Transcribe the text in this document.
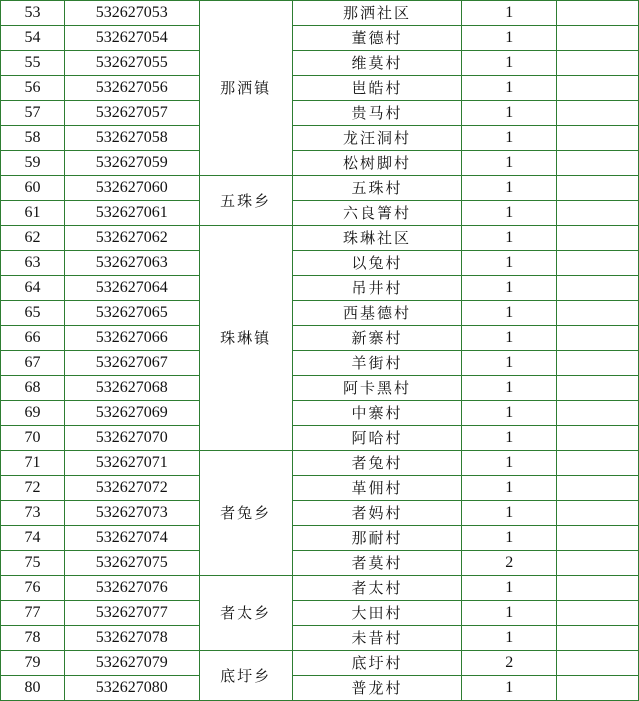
53	532627053	那洒镇	那洒社区	1	
54	532627054		董德村	1	
55	532627055		维莫村	1	
56	532627056		岜皓村	1	
57	532627057		贵马村	1	
58	532627058		龙汪洞村	1	
59	532627059		松树脚村	1	
60	532627060	五珠乡	五珠村	1	
61	532627061		六良箐村	1	
62	532627062	珠琳镇	珠琳社区	1	
63	532627063		以兔村	1	
64	532627064		吊井村	1	
65	532627065		西基德村	1	
66	532627066		新寨村	1	
67	532627067		羊街村	1	
68	532627068		阿卡黑村	1	
69	532627069		中寨村	1	
70	532627070		阿哈村	1	
71	532627071	者兔乡	者兔村	1	
72	532627072		革佣村	1	
73	532627073		者妈村	1	
74	532627074		那耐村	1	
75	532627075		者莫村	2	
76	532627076	者太乡	者太村	1	
77	532627077		大田村	1	
78	532627078		未昔村	1	
79	532627079	底圩乡	底圩村	2	
80	532627080		普龙村	1	
